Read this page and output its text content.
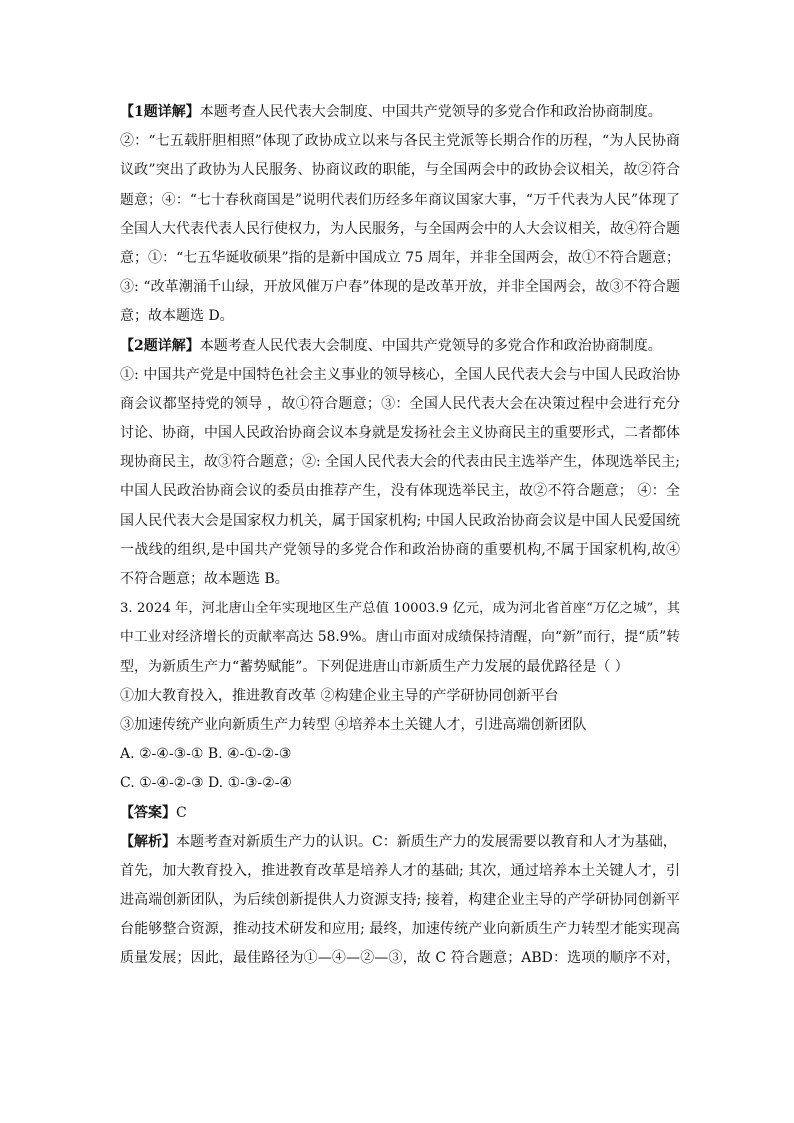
【1题详解】本题考查人民代表大会制度、中国共产党领导的多党合作和政治协商制度。
②：“七五载肝胆相照”体现了政协成立以来与各民主党派等长期合作的历程，“为人民协商
议政”突出了政协为人民服务、协商议政的职能，与全国两会中的政协会议相关，故②符合
题意；④：“七十春秋商国是”说明代表们历经多年商议国家大事，“万千代表为人民”体现了
全国人大代表代表人民行使权力，为人民服务，与全国两会中的人大会议相关，故④符合题
意；①：“七五华诞收硕果”指的是新中国成立 75 周年，并非全国两会，故①不符合题意；
③: “改革潮涌千山绿，开放风催万户春”体现的是改革开放，并非全国两会，故③不符合题
意；故本题选 D。
【2题详解】本题考查人民代表大会制度、中国共产党领导的多党合作和政治协商制度。
①: 中国共产党是中国特色社会主义事业的领导核心，全国人民代表大会与中国人民政治协
商会议都坚持党的领导 ，故①符合题意；③：全国人民代表大会在决策过程中会进行充分
讨论、协商，中国人民政治协商会议本身就是发扬社会主义协商民主的重要形式，二者都体
现协商民主，故③符合题意；②: 全国人民代表大会的代表由民主选举产生，体现选举民主;
中国人民政治协商会议的委员由推荐产生，没有体现选举民主，故②不符合题意； ④：全
国人民代表大会是国家权力机关，属于国家机构; 中国人民政治协商会议是中国人民爱国统
一战线的组织,是中国共产党领导的多党合作和政治协商的重要机构,不属于国家机构,故④
不符合题意；故本题选 B。
3. 2024 年，河北唐山全年实现地区生产总值 10003.9 亿元，成为河北省首座“万亿之城”，其
中工业对经济增长的贡献率高达 58.9%。唐山市面对成绩保持清醒，向“新”而行，提“质”转
型，为新质生产力“蓄势赋能”。下列促进唐山市新质生产力发展的最优路径是（ ）
①加大教育投入，推进教育改革 ②构建企业主导的产学研协同创新平台
③加速传统产业向新质生产力转型 ④培养本土关键人才，引进高端创新团队
A. ②-④-③-① B. ④-①-②-③
C. ①-④-②-③ D. ①-③-②-④
【答案】C
【解析】本题考查对新质生产力的认识。C：新质生产力的发展需要以教育和人才为基础，
首先，加大教育投入，推进教育改革是培养人才的基础; 其次，通过培养本土关键人才，引
进高端创新团队，为后续创新提供人力资源支持; 接着，构建企业主导的产学研协同创新平
台能够整合资源，推动技术研发和应用; 最终，加速传统产业向新质生产力转型才能实现高
质量发展；因此，最佳路径为①—④—②—③，故 C 符合题意；ABD：选项的顺序不对，
